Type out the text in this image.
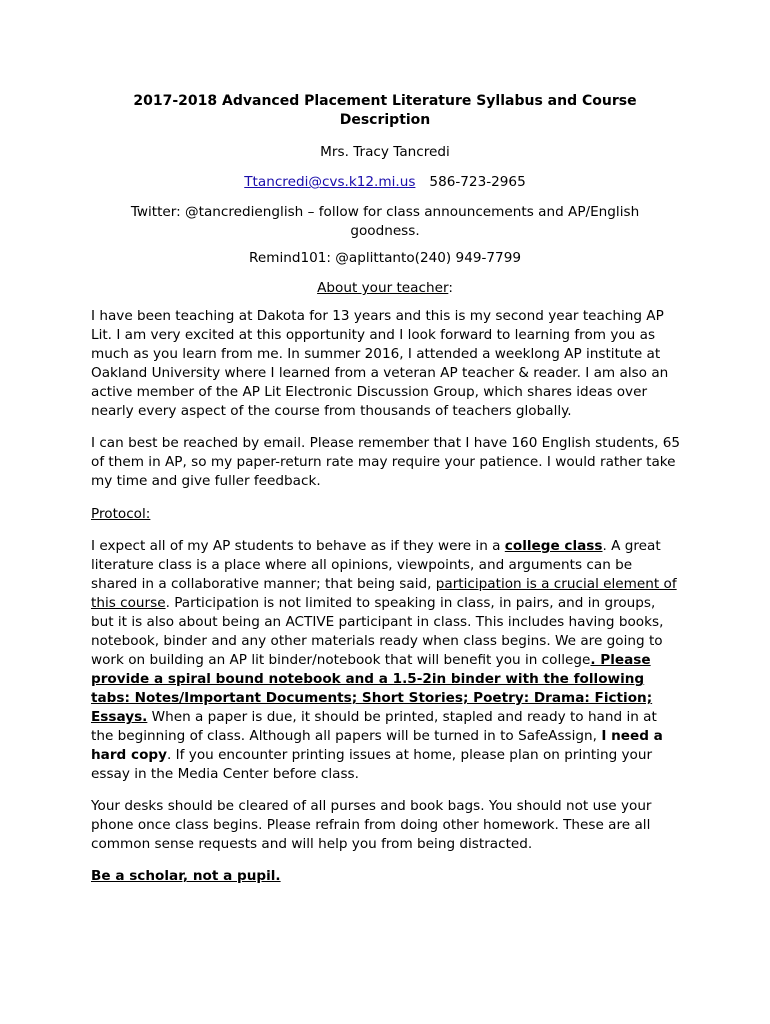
2017-2018 Advanced Placement Literature Syllabus and Course Description
Mrs. Tracy Tancredi
Ttancredi@cvs.k12.mi.us 586-723-2965
Twitter: @tancredienglish – follow for class announcements and AP/English goodness.
Remind101: @aplittanto(240) 949-7799
About your teacher:
I have been teaching at Dakota for 13 years and this is my second year teaching AP Lit. I am very excited at this opportunity and I look forward to learning from you as much as you learn from me. In summer 2016, I attended a weeklong AP institute at Oakland University where I learned from a veteran AP teacher & reader. I am also an active member of the AP Lit Electronic Discussion Group, which shares ideas over nearly every aspect of the course from thousands of teachers globally.
I can best be reached by email. Please remember that I have 160 English students, 65 of them in AP, so my paper-return rate may require your patience. I would rather take my time and give fuller feedback.
Protocol:
I expect all of my AP students to behave as if they were in a college class. A great literature class is a place where all opinions, viewpoints, and arguments can be shared in a collaborative manner; that being said, participation is a crucial element of this course. Participation is not limited to speaking in class, in pairs, and in groups, but it is also about being an ACTIVE participant in class. This includes having books, notebook, binder and any other materials ready when class begins. We are going to work on building an AP lit binder/notebook that will benefit you in college. Please provide a spiral bound notebook and a 1.5-2in binder with the following tabs: Notes/Important Documents; Short Stories; Poetry: Drama: Fiction; Essays. When a paper is due, it should be printed, stapled and ready to hand in at the beginning of class. Although all papers will be turned in to SafeAssign, I need a hard copy. If you encounter printing issues at home, please plan on printing your essay in the Media Center before class.
Your desks should be cleared of all purses and book bags. You should not use your phone once class begins. Please refrain from doing other homework. These are all common sense requests and will help you from being distracted.
Be a scholar, not a pupil.
